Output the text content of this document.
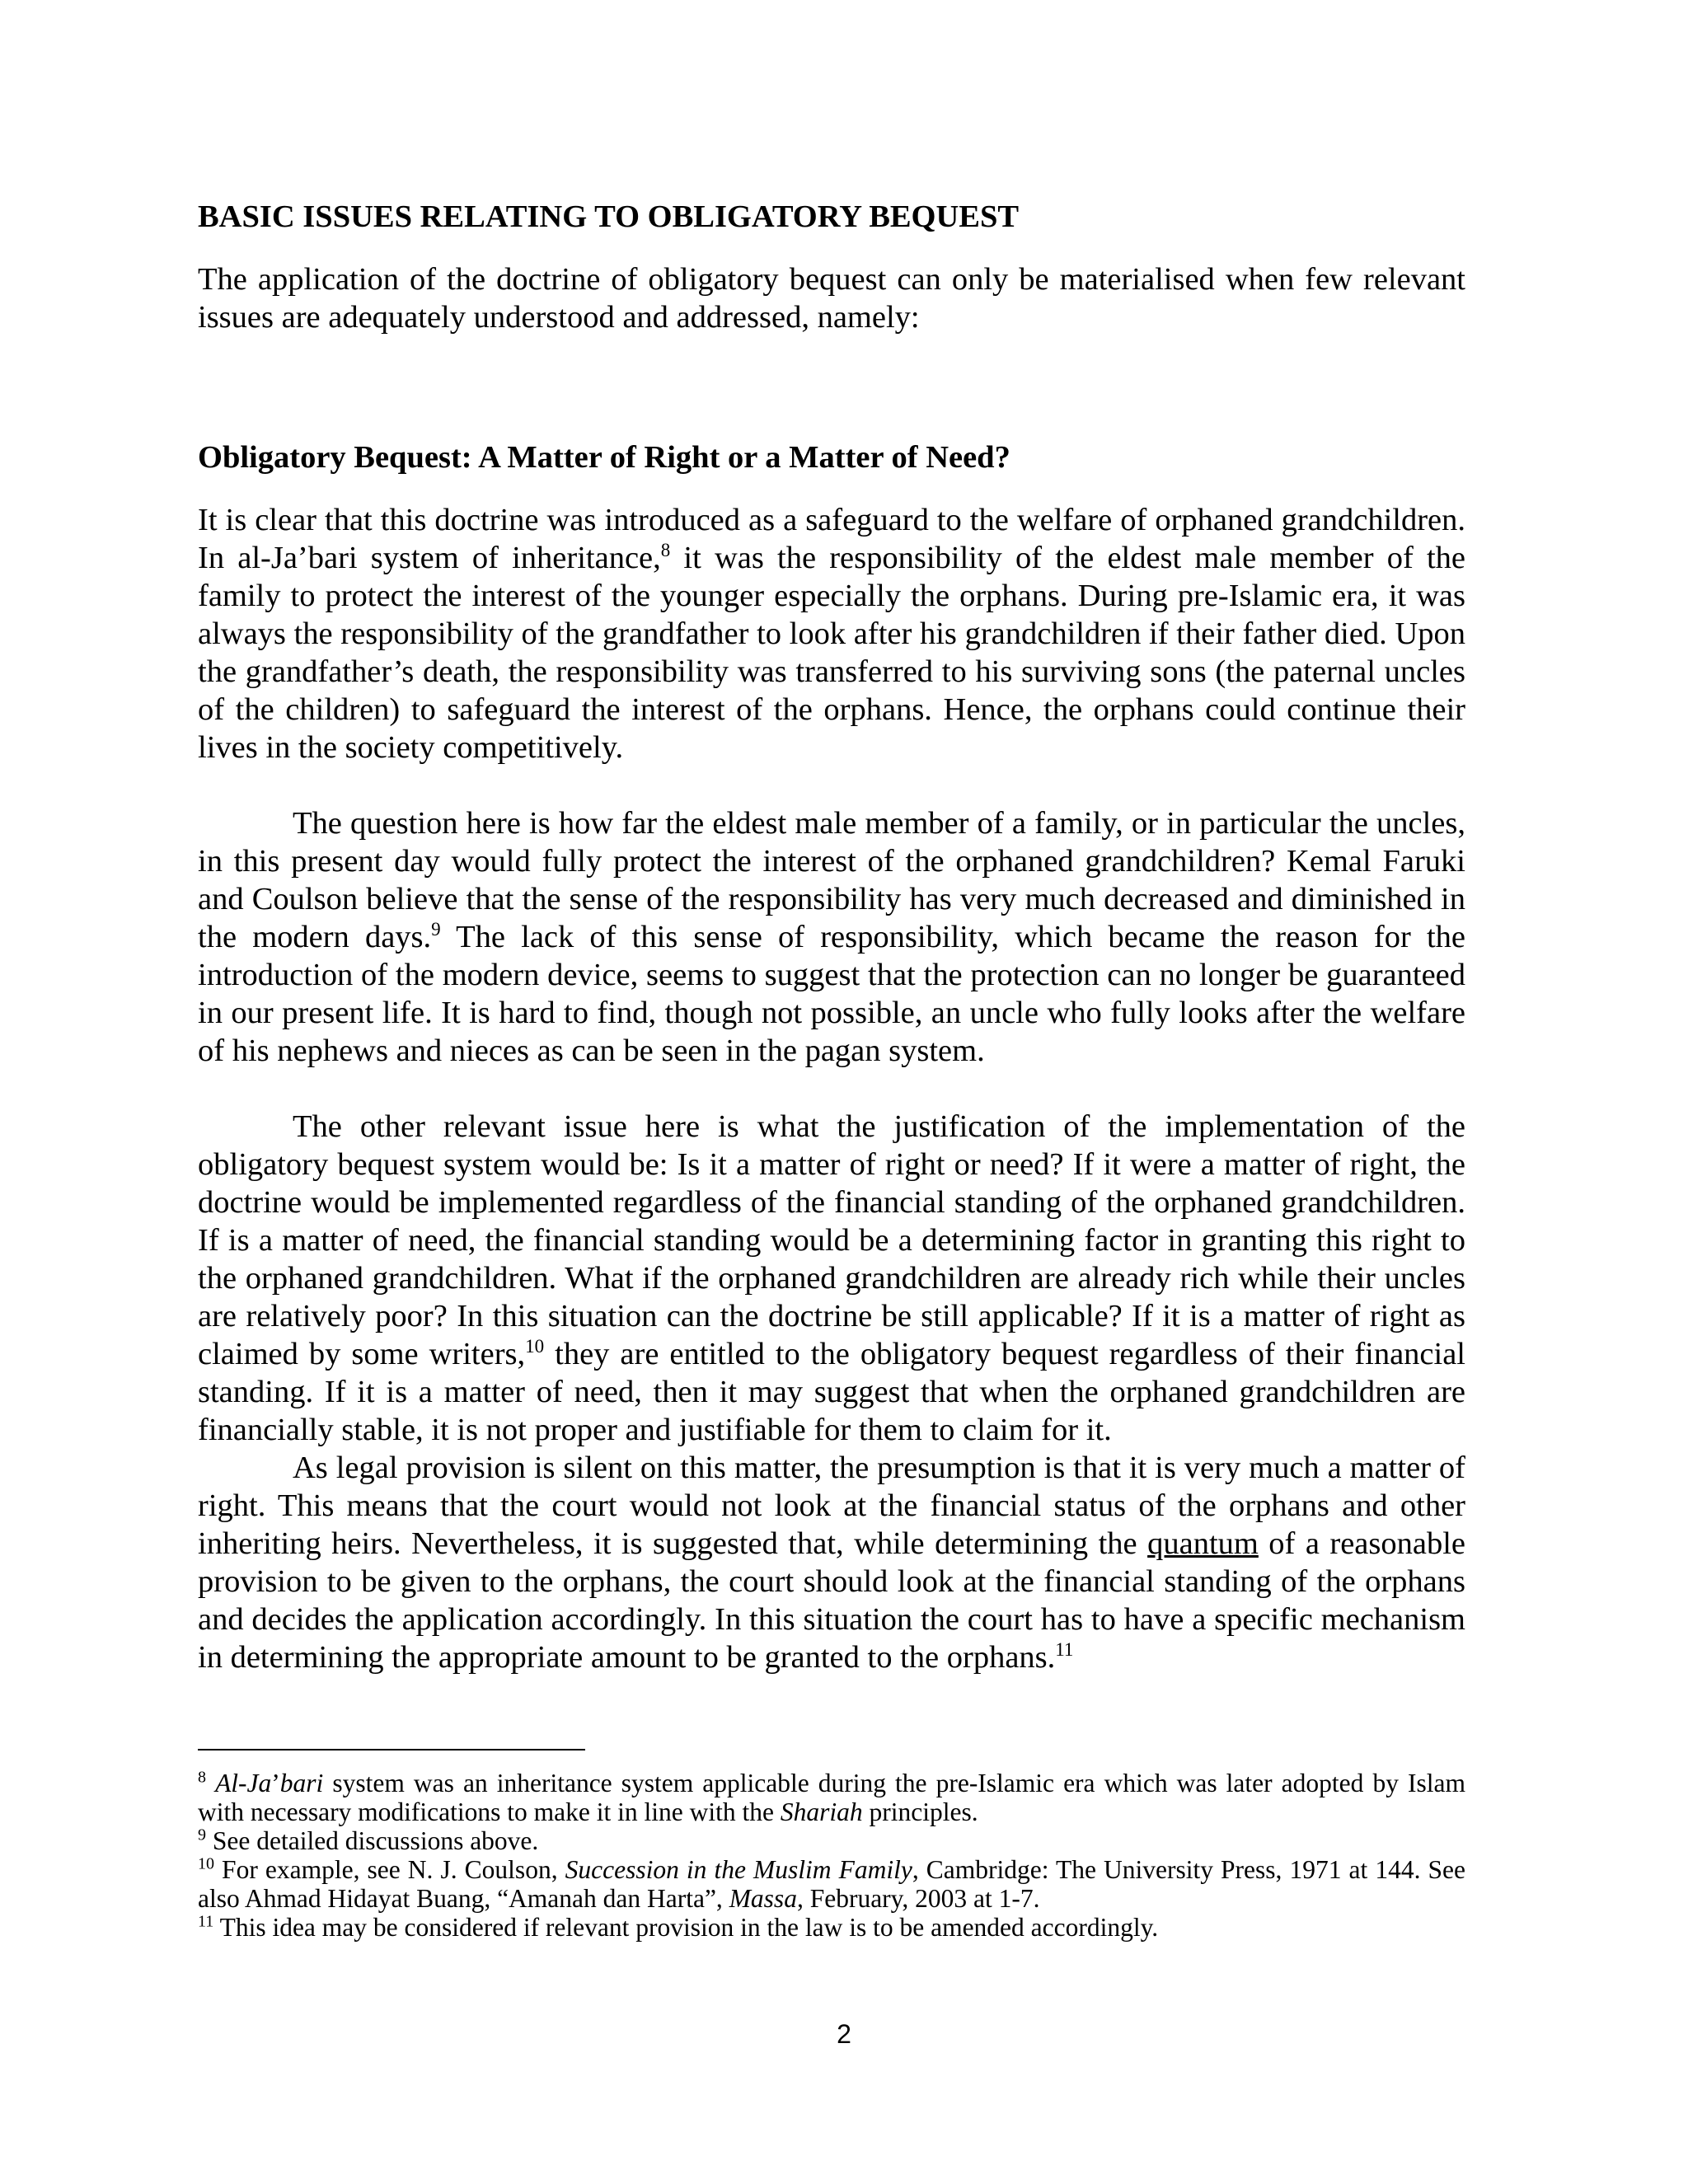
BASIC ISSUES RELATING TO OBLIGATORY BEQUEST

The application of the doctrine of obligatory bequest can only be materialised when few relevant issues are adequately understood and addressed, namely:

Obligatory Bequest: A Matter of Right or a Matter of Need?

It is clear that this doctrine was introduced as a safeguard to the welfare of orphaned grandchildren. In al-Ja’bari system of inheritance,$^8$ it was the responsibility of the eldest male member of the family to protect the interest of the younger especially the orphans. During pre-Islamic era, it was always the responsibility of the grandfather to look after his grandchildren if their father died. Upon the grandfather’s death, the responsibility was transferred to his surviving sons (the paternal uncles of the children) to safeguard the interest of the orphans. Hence, the orphans could continue their lives in the society competitively.

The question here is how far the eldest male member of a family, or in particular the uncles, in this present day would fully protect the interest of the orphaned grandchildren? Kemal Faruki and Coulson believe that the sense of the responsibility has very much decreased and diminished in the modern days.$^9$ The lack of this sense of responsibility, which became the reason for the introduction of the modern device, seems to suggest that the protection can no longer be guaranteed in our present life. It is hard to find, though not possible, an uncle who fully looks after the welfare of his nephews and nieces as can be seen in the pagan system.

The other relevant issue here is what the justification of the implementation of the obligatory bequest system would be: Is it a matter of right or need? If it were a matter of right, the doctrine would be implemented regardless of the financial standing of the orphaned grandchildren. If is a matter of need, the financial standing would be a determining factor in granting this right to the orphaned grandchildren. What if the orphaned grandchildren are already rich while their uncles are relatively poor? In this situation can the doctrine be still applicable? If it is a matter of right as claimed by some writers,$^{10}$ they are entitled to the obligatory bequest regardless of their financial standing. If it is a matter of need, then it may suggest that when the orphaned grandchildren are financially stable, it is not proper and justifiable for them to claim for it.

As legal provision is silent on this matter, the presumption is that it is very much a matter of right. This means that the court would not look at the financial status of the orphans and other inheriting heirs. Nevertheless, it is suggested that, while determining the quantum of a reasonable provision to be given to the orphans, the court should look at the financial standing of the orphans and decides the application accordingly. In this situation the court has to have a specific mechanism in determining the appropriate amount to be granted to the orphans.$^{11}$

$^8$ Al-Ja’bari system was an inheritance system applicable during the pre-Islamic era which was later adopted by Islam with necessary modifications to make it in line with the Shariah principles.

$^9$ See detailed discussions above.

$^{10}$ For example, see N. J. Coulson, Succession in the Muslim Family, Cambridge: The University Press, 1971 at 144. See also Ahmad Hidayat Buang, “Amanah dan Harta”, Massa, February, 2003 at 1-7.

$^{11}$ This idea may be considered if relevant provision in the law is to be amended accordingly.

2
